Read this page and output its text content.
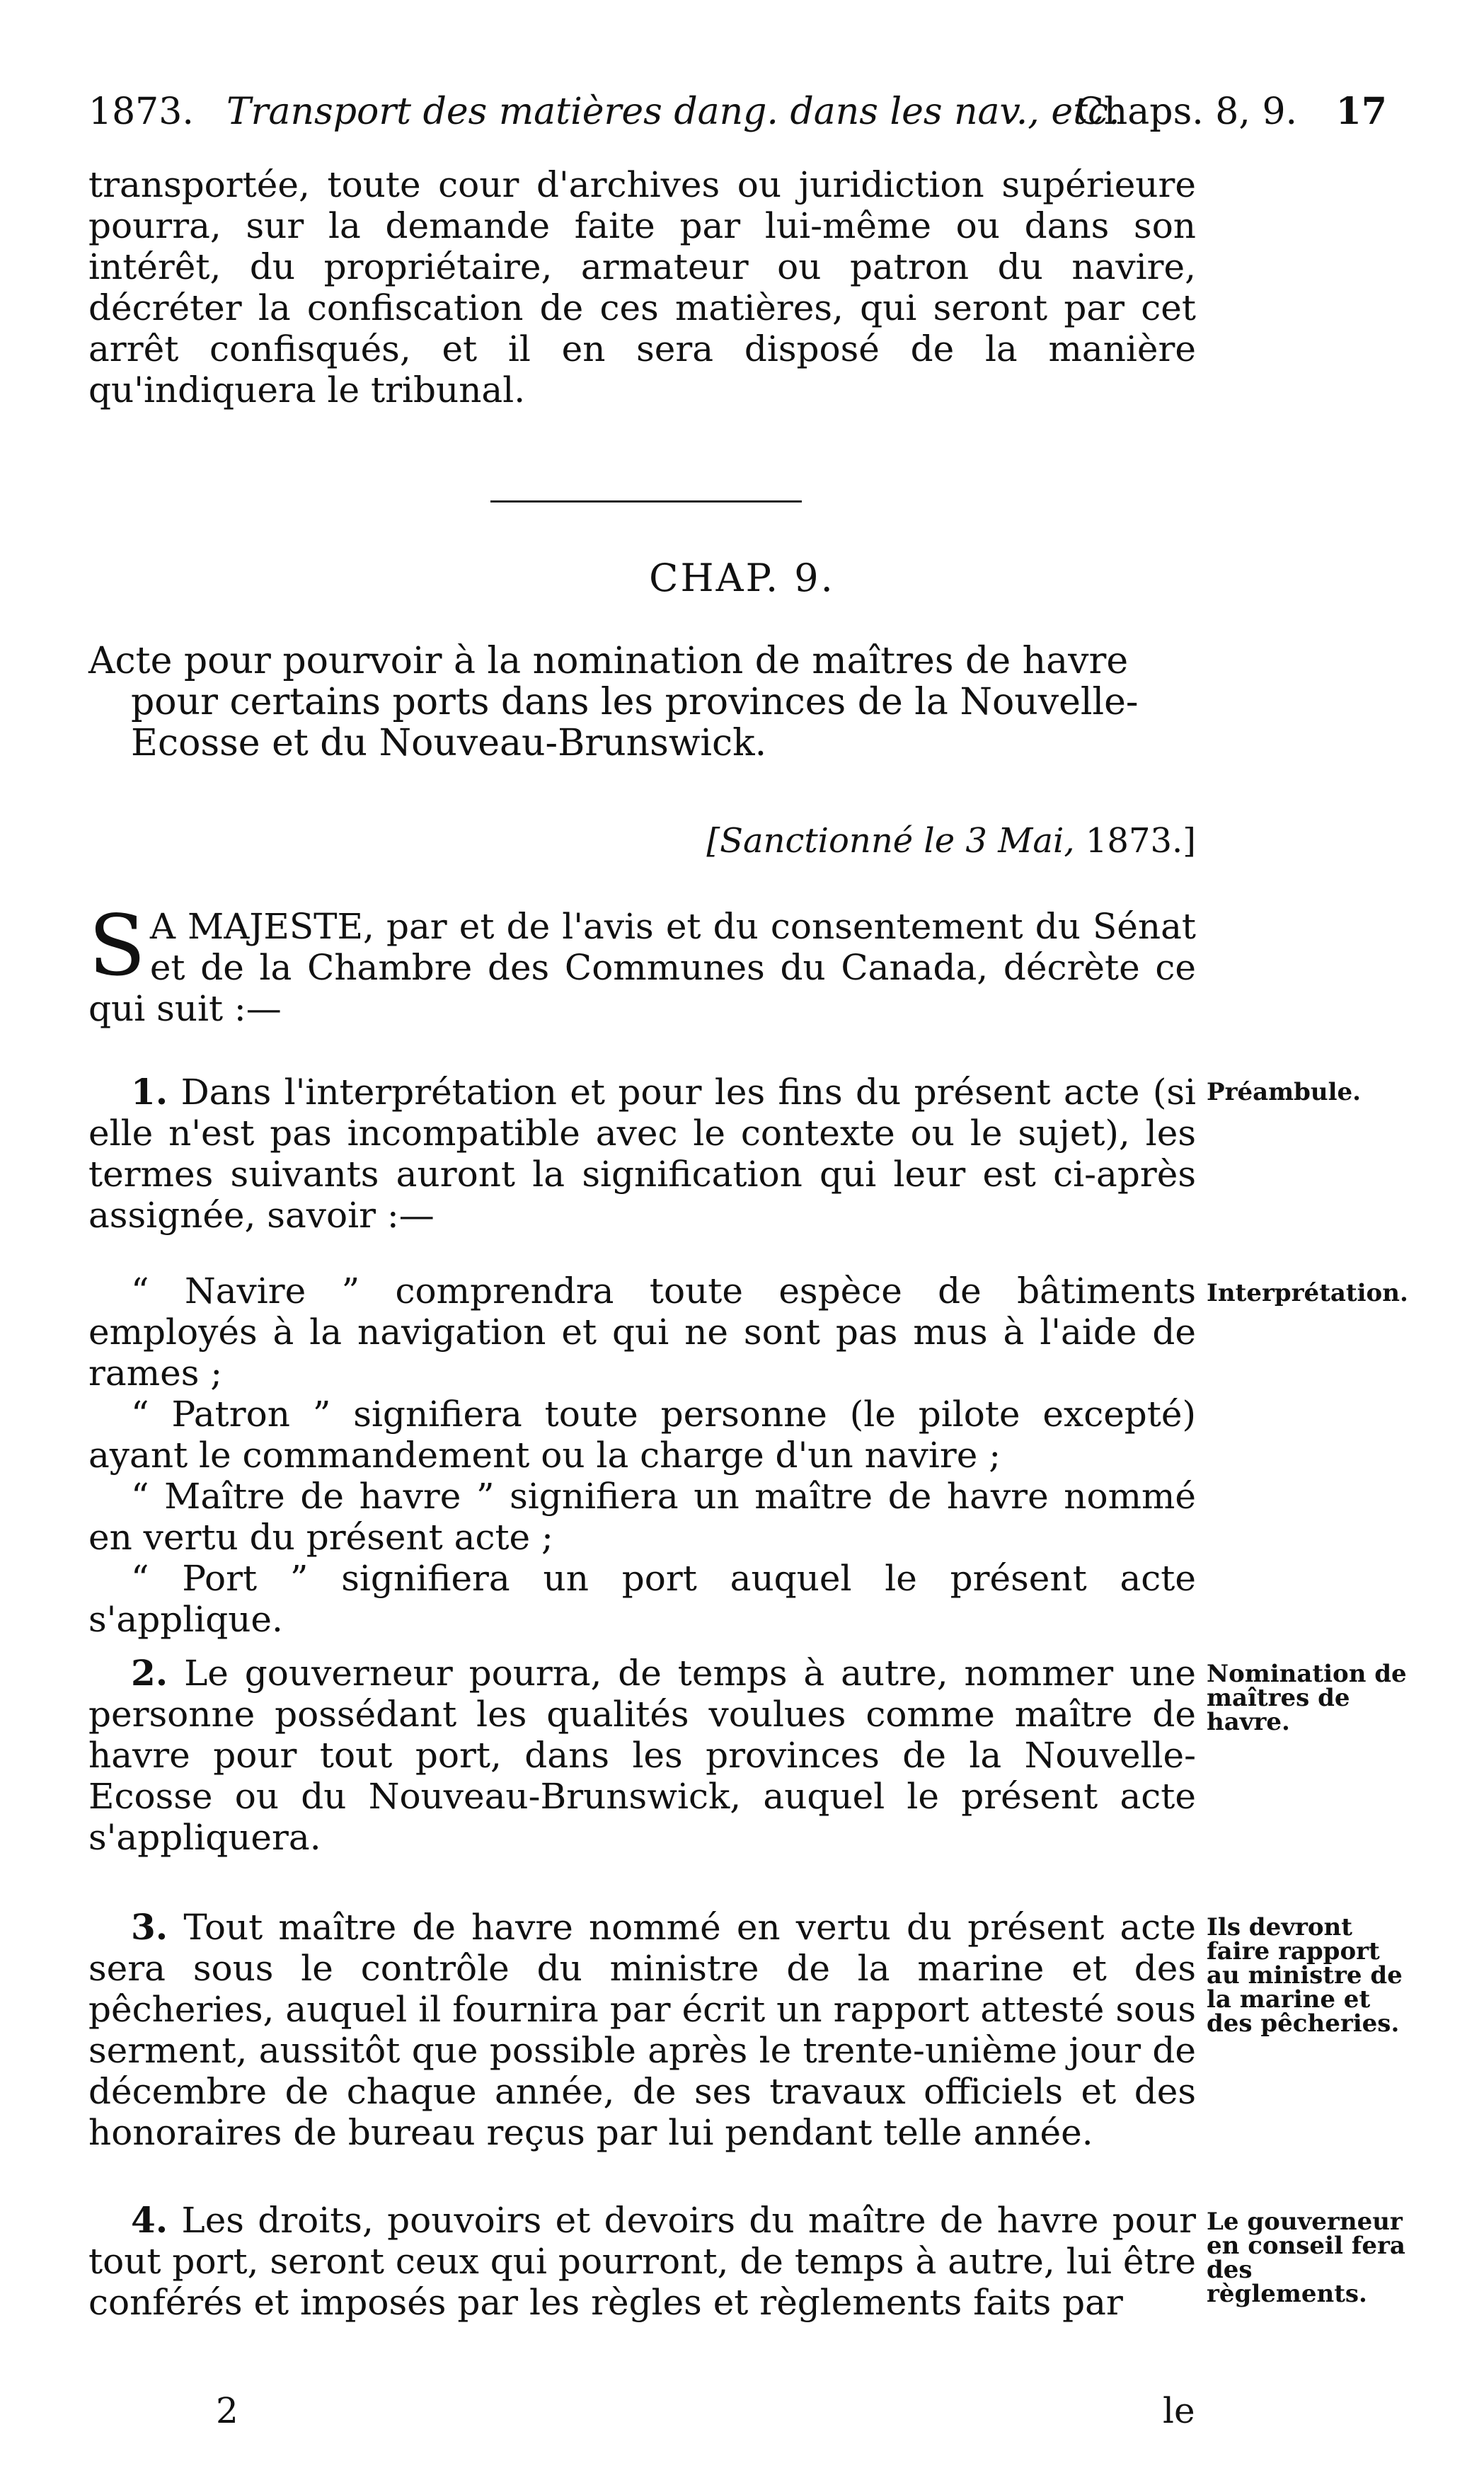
1873. Transport des matières dang. dans les nav., etc.
Chaps. 8, 9. 17
transportée, toute cour d'archives ou juridiction supérieure pourra, sur la demande faite par lui-même ou dans son intérêt, du propriétaire, armateur ou patron du navire, décréter la confiscation de ces matières, qui seront par cet arrêt confisqués, et il en sera disposé de la manière qu'indiquera le tribunal.
CHAP. 9.
Acte pour pourvoir à la nomination de maîtres de havre pour certains ports dans les provinces de la Nouvelle-Ecosse et du Nouveau-Brunswick.
[Sanctionné le 3 Mai, 1873.]
S A MAJESTE, par et de l'avis et du consentement du Sénat et de la Chambre des Communes du Canada, décrète ce qui suit :—
1. Dans l'interprétation et pour les fins du présent acte (si elle n'est pas incompatible avec le contexte ou le sujet), les termes suivants auront la signification qui leur est ci-après assignée, savoir :—
Préambule.
“ Navire ” comprendra toute espèce de bâtiments employés à la navigation et qui ne sont pas mus à l'aide de rames ;
“ Patron ” signifiera toute personne (le pilote excepté) ayant le commandement ou la charge d'un navire ;
“ Maître de havre ” signifiera un maître de havre nommé en vertu du présent acte ;
“ Port ” signifiera un port auquel le présent acte s'applique.
Interprétation.
2. Le gouverneur pourra, de temps à autre, nommer une personne possédant les qualités voulues comme maître de havre pour tout port, dans les provinces de la Nouvelle-Ecosse ou du Nouveau-Brunswick, auquel le présent acte s'appliquera.
Nomination de maîtres de havre.
3. Tout maître de havre nommé en vertu du présent acte sera sous le contrôle du ministre de la marine et des pêcheries, auquel il fournira par écrit un rapport attesté sous serment, aussitôt que possible après le trente-unième jour de décembre de chaque année, de ses travaux officiels et des honoraires de bureau reçus par lui pendant telle année.
Ils devront faire rapport au ministre de la marine et des pêcheries.
4. Les droits, pouvoirs et devoirs du maître de havre pour tout port, seront ceux qui pourront, de temps à autre, lui être conférés et imposés par les règles et règlements faits par
Le gouverneur en conseil fera des règlements.
2	le
